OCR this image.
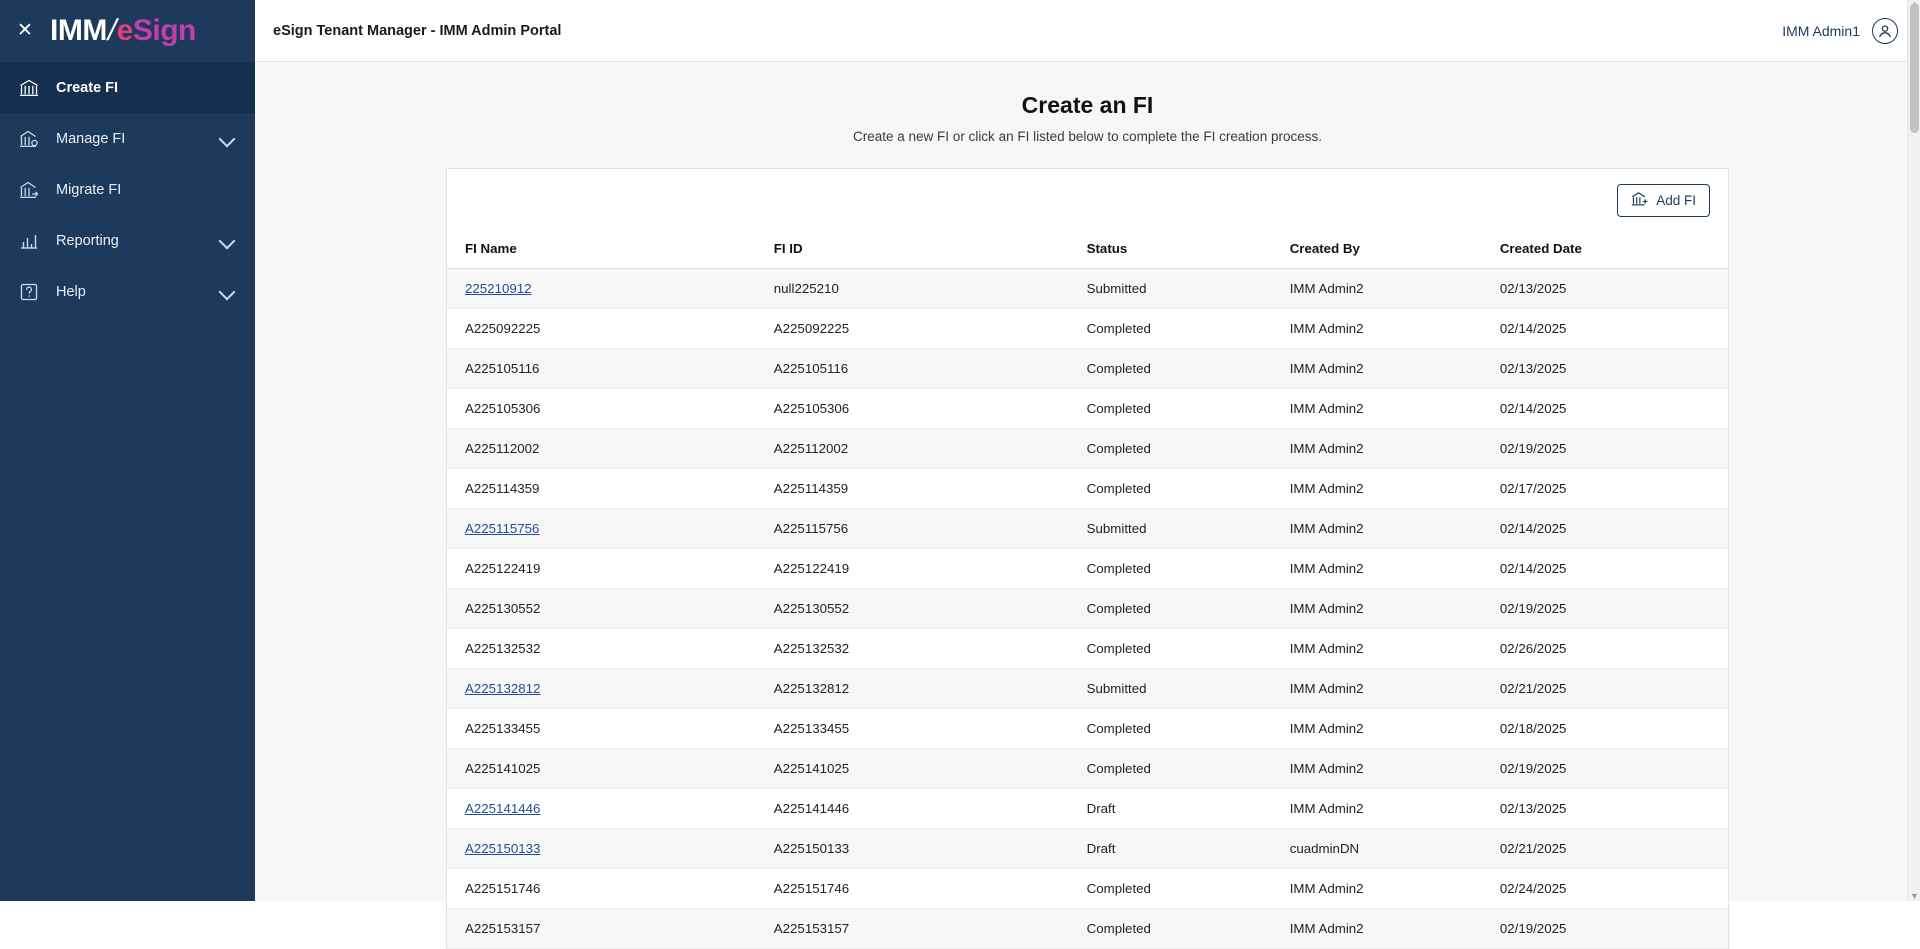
✕ IMM
/
e Sign
Create FI
Manage FI
Migrate FI
Reporting
Help
eSign Tenant Manager - IMM Admin Portal	IMM Admin1
Create an FI

Create a new FI or click an FI listed below to complete the FI creation process.

Add FI
FI Name	FI ID	Status	Created By	Created Date
225210912	null225210	Submitted	IMM Admin2	02/13/2025
A225092225	A225092225	Completed	IMM Admin2	02/14/2025
A225105116	A225105116	Completed	IMM Admin2	02/13/2025
A225105306	A225105306	Completed	IMM Admin2	02/14/2025
A225112002	A225112002	Completed	IMM Admin2	02/19/2025
A225114359	A225114359	Completed	IMM Admin2	02/17/2025
A225115756	A225115756	Submitted	IMM Admin2	02/14/2025
A225122419	A225122419	Completed	IMM Admin2	02/14/2025
A225130552	A225130552	Completed	IMM Admin2	02/19/2025
A225132532	A225132532	Completed	IMM Admin2	02/26/2025
A225132812	A225132812	Submitted	IMM Admin2	02/21/2025
A225133455	A225133455	Completed	IMM Admin2	02/18/2025
A225141025	A225141025	Completed	IMM Admin2	02/19/2025
A225141446	A225141446	Draft	IMM Admin2	02/13/2025
A225150133	A225150133	Draft	cuadminDN	02/21/2025
A225151746	A225151746	Completed	IMM Admin2	02/24/2025
A225153157	A225153157	Completed	IMM Admin2	02/19/2025
▼
